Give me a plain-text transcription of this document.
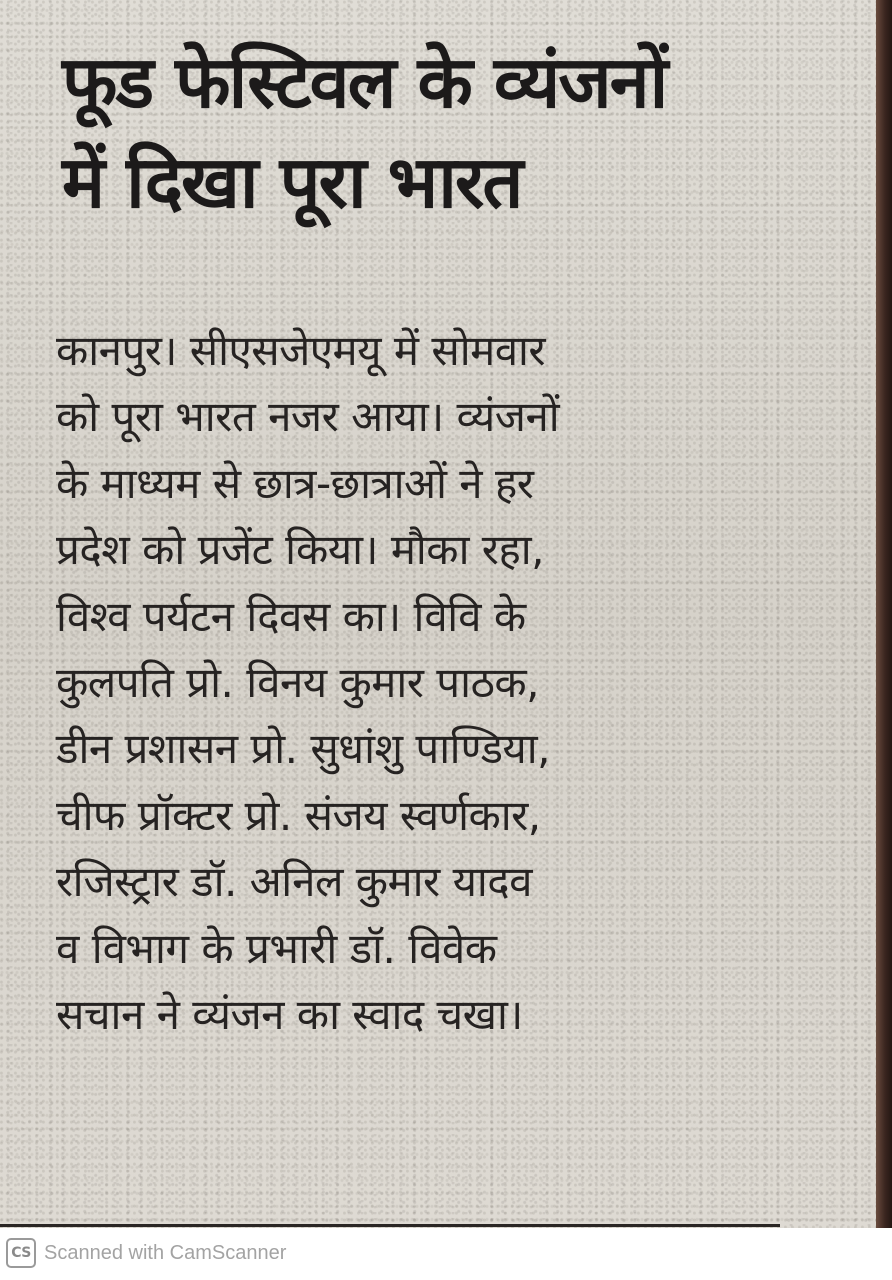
फूड फेस्टिवल के व्यंजनों
में दिखा पूरा भारत
कानपुर। सीएसजेएमयू में सोमवार
को पूरा भारत नजर आया। व्यंजनों
के माध्यम से छात्र-छात्राओं ने हर
प्रदेश को प्रजेंट किया। मौका रहा,
विश्व पर्यटन दिवस का। विवि के
कुलपति प्रो. विनय कुमार पाठक,
डीन प्रशासन प्रो. सुधांशु पाण्डिया,
चीफ प्रॉक्टर प्रो. संजय स्वर्णकार,
रजिस्ट्रार डॉ. अनिल कुमार यादव
व विभाग के प्रभारी डॉ. विवेक
सचान ने व्यंजन का स्वाद चखा।
CS Scanned with CamScanner
